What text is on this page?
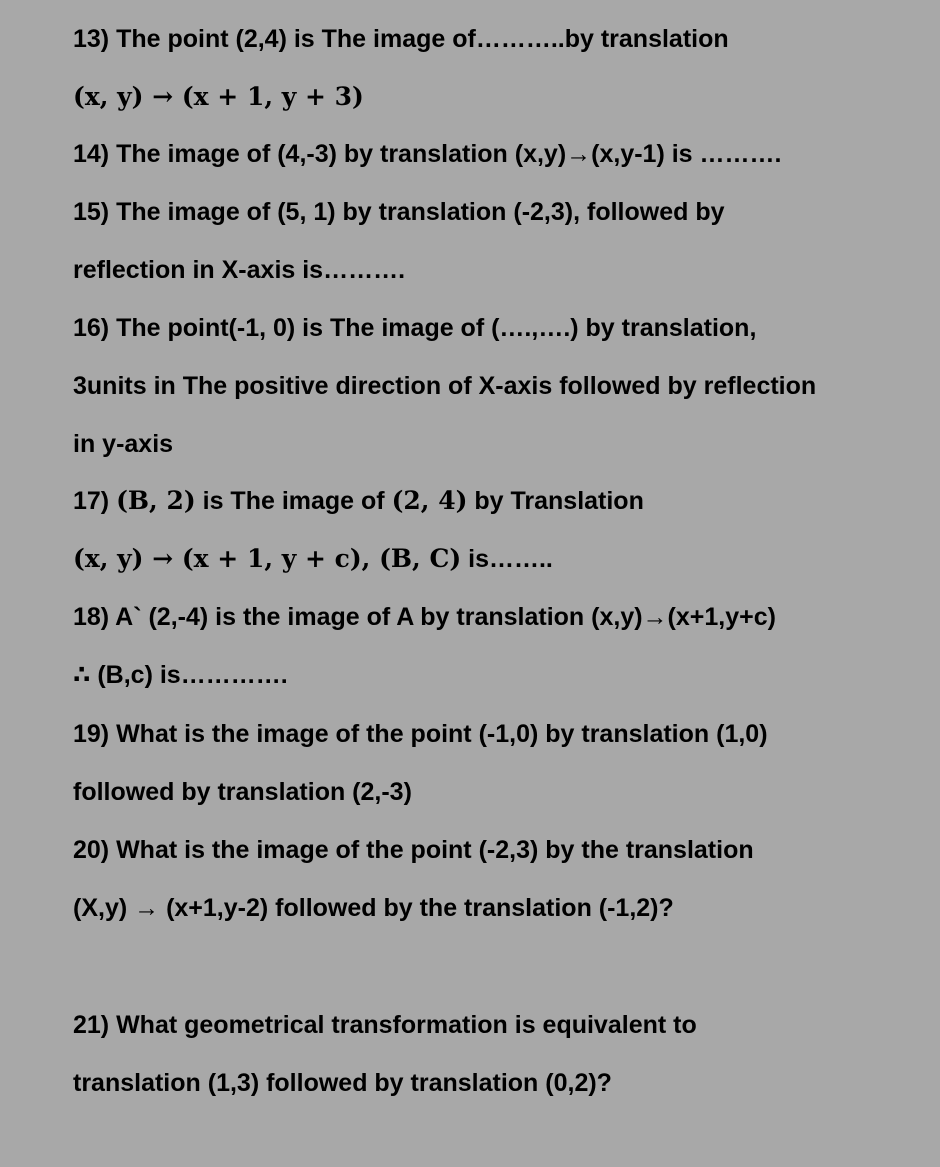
13) The point (2,4) is The image of………..by translation
(x, y) → (x + 1, y + 3)
14) The image of (4,-3) by translation (x,y)→(x,y-1) is ……….
15) The image of (5, 1) by translation (-2,3), followed by
reflection in X-axis is……….
16) The point(-1, 0) is The image of (….,….) by translation,
3units in The positive direction of X-axis followed by reflection
in y-axis
17) (B, 2) is The image of (2, 4) by Translation
(x, y) → (x + 1, y + c), (B, C) is……..
18) A` (2,-4) is the image of A by translation (x,y)→(x+1,y+c)
∴ (B,c) is………….
19) What is the image of the point (-1,0) by translation (1,0)
followed by translation (2,-3)
20) What is the image of the point (-2,3) by the translation
(X,y) → (x+1,y-2) followed by the translation (-1,2)?
21) What geometrical transformation is equivalent to
translation (1,3) followed by translation (0,2)?
